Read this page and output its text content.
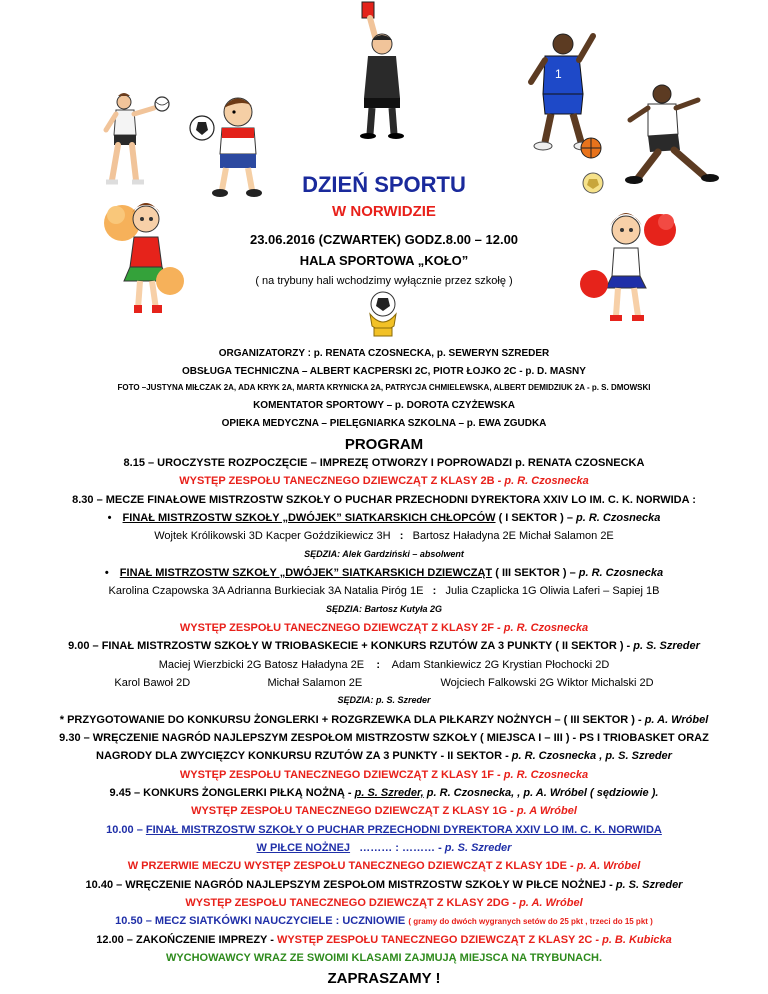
1
DZIEŃ SPORTU
W NORWIDZIE
23.06.2016 (CZWARTEK) GODZ.8.00 – 12.00
HALA SPORTOWA „KOŁO”
( na trybuny hali wchodzimy wyłącznie przez szkołę )
ORGANIZATORZY : p. RENATA CZOSNECKA, p. SEWERYN SZREDER
OBSŁUGA TECHNICZNA – ALBERT KACPERSKI 2C, PIOTR ŁOJKO 2C - p. D. MASNY
FOTO –JUSTYNA MIŁCZAK 2A, ADA KRYK 2A, MARTA KRYNICKA 2A, PATRYCJA CHMIELEWSKA, ALBERT DEMIDZIUK 2A - p. S. DMOWSKI
KOMENTATOR SPORTOWY – p. DOROTA CZYŻEWSKA
OPIEKA MEDYCZNA – PIELĘGNIARKA SZKOLNA – p. EWA ZGUDKA
PROGRAM
8.15 – UROCZYSTE ROZPOCZĘCIE – IMPREZĘ OTWORZY I POPROWADZI p. RENATA CZOSNECKA
WYSTĘP ZESPOŁU TANECZNEGO DZIEWCZĄT Z KLASY 2B - p. R. Czosnecka
8.30 – MECZE FINAŁOWE MISTRZOSTW SZKOŁY O PUCHAR PRZECHODNI DYREKTORA XXIV LO IM. C. K. NORWIDA :
• FINAŁ MISTRZOSTW SZKOŁY „DWÓJEK” SIATKARSKICH CHŁOPCÓW ( I SEKTOR ) – p. R. Czosnecka
Wojtek Królikowski 3D Kacper Goździkiewicz 3H : Bartosz Haładyna 2E Michał Salamon 2E
SĘDZIA: Alek Gardziński – absolwent
• FINAŁ MISTRZOSTW SZKOŁY „DWÓJEK” SIATKARSKICH DZIEWCZĄT ( III SEKTOR ) – p. R. Czosnecka
Karolina Czapowska 3A Adrianna Burkieciak 3A Natalia Piróg 1E : Julia Czaplicka 1G Oliwia Laferi – Sapiej 1B
SĘDZIA: Bartosz Kutyła 2G
WYSTĘP ZESPOŁU TANECZNEGO DZIEWCZĄT Z KLASY 2F - p. R. Czosnecka
9.00 – FINAŁ MISTRZOSTW SZKOŁY W TRIOBASKECIE + KONKURS RZUTÓW ZA 3 PUNKTY ( II SEKTOR ) - p. S. Szreder
Maciej Wierzbicki 2G Batosz Haładyna 2E : Adam Stankiewicz 2G Krystian Płochocki 2D
Karol Bawoł 2D	Michał Salamon 2E	Wojciech Falkowski 2G Wiktor Michalski 2D
SĘDZIA: p. S. Szreder
* PRZYGOTOWANIE DO KONKURSU ŻONGLERKI + ROZGRZEWKA DLA PIŁKARZY NOŻNYCH – ( III SEKTOR ) - p. A. Wróbel
9.30 – WRĘCZENIE NAGRÓD NAJLEPSZYM ZESPOŁOM MISTRZOSTW SZKOŁY ( MIEJSCA I – III ) - PS I TRIOBASKET ORAZ
NAGRODY DLA ZWYCIĘZCY KONKURSU RZUTÓW ZA 3 PUNKTY - II SEKTOR - p. R. Czosnecka , p. S. Szreder
WYSTĘP ZESPOŁU TANECZNEGO DZIEWCZĄT Z KLASY 1F - p. R. Czosnecka
9.45 – KONKURS ŻONGLERKI PIŁKĄ NOŻNĄ - p. S. Szreder, p. R. Czosnecka, , p. A. Wróbel ( sędziowie ).
WYSTĘP ZESPOŁU TANECZNEGO DZIEWCZĄT Z KLASY 1G - p. A Wróbel
10.00 – FINAŁ MISTRZOSTW SZKOŁY O PUCHAR PRZECHODNI DYREKTORA XXIV LO IM. C. K. NORWIDA
W PIŁCE NOŻNEJ ……… : ……… - p. S. Szreder
W PRZERWIE MECZU WYSTĘP ZESPOŁU TANECZNEGO DZIEWCZĄT Z KLASY 1DE - p. A. Wróbel
10.40 – WRĘCZENIE NAGRÓD NAJLEPSZYM ZESPOŁOM MISTRZOSTW SZKOŁY W PIŁCE NOŻNEJ - p. S. Szreder
WYSTĘP ZESPOŁU TANECZNEGO DZIEWCZĄT Z KLASY 2DG - p. A. Wróbel
10.50 – MECZ SIATKÓWKI NAUCZYCIELE : UCZNIOWIE ( gramy do dwóch wygranych setów do 25 pkt , trzeci do 15 pkt )
12.00 – ZAKOŃCZENIE IMPREZY - WYSTĘP ZESPOŁU TANECZNEGO DZIEWCZĄT Z KLASY 2C - p. B. Kubicka
WYCHOWAWCY WRAZ ZE SWOIMI KLASAMI ZAJMUJĄ MIEJSCA NA TRYBUNACH.
ZAPRASZAMY !
